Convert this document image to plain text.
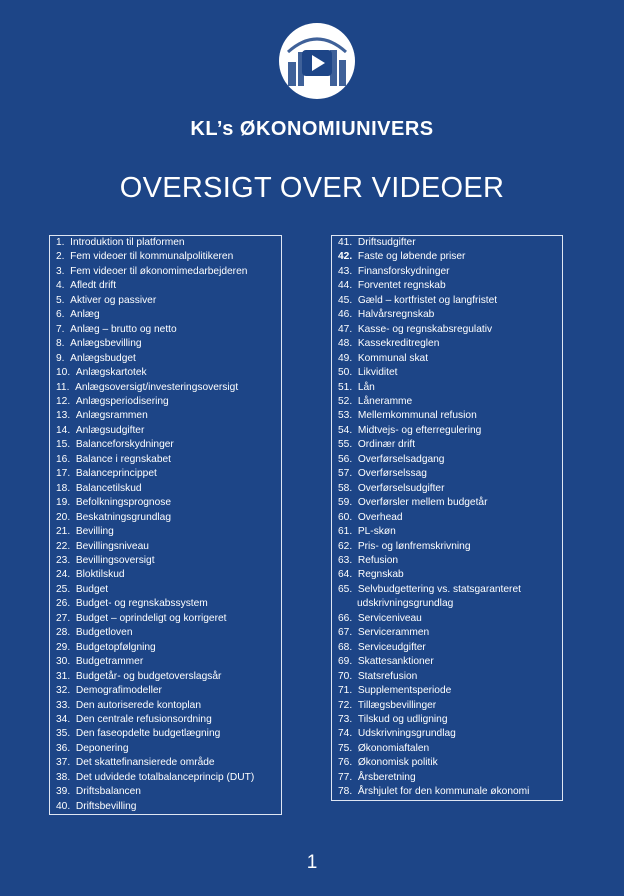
KL’s ØKONOMIUNIVERS
OVERSIGT OVER VIDEOER
1. Introduktion til platformen
2. Fem videoer til kommunalpolitikeren
3. Fem videoer til økonomimedarbejderen
4. Afledt drift
5. Aktiver og passiver
6. Anlæg
7. Anlæg – brutto og netto
8. Anlægsbevilling
9. Anlægsbudget
10. Anlægskartotek
11. Anlægsoversigt/investeringsoversigt
12. Anlægsperiodisering
13. Anlægsrammen
14. Anlægsudgifter
15. Balanceforskydninger
16. Balance i regnskabet
17. Balanceprincippet
18. Balancetilskud
19. Befolkningsprognose
20. Beskatningsgrundlag
21. Bevilling
22. Bevillingsniveau
23. Bevillingsoversigt
24. Bloktilskud
25. Budget
26. Budget- og regnskabssystem
27. Budget – oprindeligt og korrigeret
28. Budgetloven
29. Budgetopfølgning
30. Budgetrammer
31. Budgetår- og budgetoverslagsår
32. Demografimodeller
33. Den autoriserede kontoplan
34. Den centrale refusionsordning
35. Den faseopdelte budgetlægning
36. Deponering
37. Det skattefinansierede område
38. Det udvidede totalbalanceprincip (DUT)
39. Driftsbalancen
40. Driftsbevilling
41. Driftsudgifter
42. Faste og løbende priser
43. Finansforskydninger
44. Forventet regnskab
45. Gæld – kortfristet og langfristet
46. Halvårsregnskab
47. Kasse- og regnskabsregulativ
48. Kassekreditreglen
49. Kommunal skat
50. Likviditet
51. Lån
52. Låneramme
53. Mellemkommunal refusion
54. Midtvejs- og efterregulering
55. Ordinær drift
56. Overførselsadgang
57. Overførselssag
58. Overførselsudgifter
59. Overførsler mellem budgetår
60. Overhead
61. PL-skøn
62. Pris- og lønfremskrivning
63. Refusion
64. Regnskab
65. Selvbudgettering vs. statsgaranteret
udskrivningsgrundlag
66. Serviceniveau
67. Servicerammen
68. Serviceudgifter
69. Skattesanktioner
70. Statsrefusion
71. Supplementsperiode
72. Tillægsbevillinger
73. Tilskud og udligning
74. Udskrivningsgrundlag
75. Økonomiaftalen
76. Økonomisk politik
77. Årsberetning
78. Årshjulet for den kommunale økonomi
1
